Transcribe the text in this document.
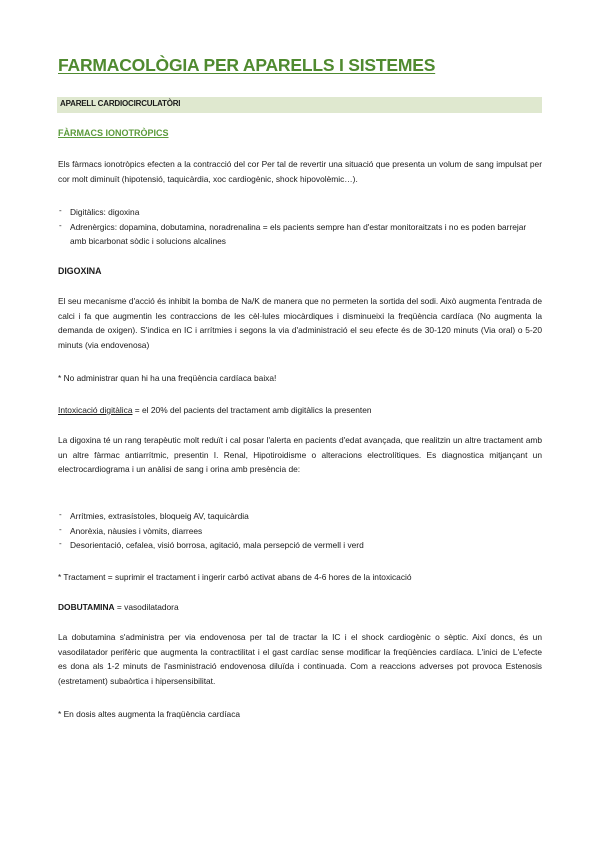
FARMACOLÒGIA PER APARELLS I SISTEMES
APARELL CARDIOCIRCULATÒRI
FÀRMACS IONOTRÒPICS

Els fàrmacs ionotròpics efecten a la contracció del cor Per tal de revertir una situació que presenta un volum de sang impulsat per cor molt diminuït (hipotensió, taquicàrdia, xoc cardiogènic, shock hipovolèmic…).

- Digitàlics: digoxina
- Adrenèrgics: dopamina, dobutamina, noradrenalina = els pacients sempre han d'estar monitoraitzats i no es poden barrejar amb bicarbonat sòdic i solucions alcalines
DIGOXINA

El seu mecanisme d'acció és inhibit la bomba de Na/K de manera que no permeten la sortida del sodi. Això augmenta l'entrada de calci i fa que augmentin les contraccions de les cèl·lules miocàrdiques i disminueixi la freqüència cardíaca (No augmenta la demanda de oxigen). S'indica en IC i arrítmies i segons la via d'administració el seu efecte és de 30-120 minuts (Via oral) o 5-20 minuts (via endovenosa)

* No administrar quan hi ha una freqüència cardíaca baixa!

Intoxicació digitàlica = el 20% del pacients del tractament amb digitàlics la presenten

La digoxina té un rang terapèutic molt reduït i cal posar l'alerta en pacients d'edat avançada, que realitzin un altre tractament amb un altre fàrmac antiarrítmic, presentin I. Renal, Hipotiroidisme o alteracions electrolítiques. Es diagnostica mitjançant un electrocardiograma i un anàlisi de sang i orina amb presència de:

- Arrítmies, extrasístoles, bloqueig AV, taquicàrdia
- Anorèxia, nàusies i vòmits, diarrees
- Desorientació, cefalea, visió borrosa, agitació, mala persepció de vermell i verd

* Tractament = suprimir el tractament i ingerir carbó activat abans de 4-6 hores de la intoxicació

DOBUTAMINA = vasodilatadora

La dobutamina s'administra per via endovenosa per tal de tractar la IC i el shock cardiogènic o sèptic. Així doncs, és un vasodilatador perifèric que augmenta la contractilitat i el gast cardíac sense modificar la freqüències cardíaca. L'inici de L'efecte es dona als 1-2 minuts de l'asministració endovenosa diluïda i continuada. Com a reaccions adverses pot provoca Estenosis (estretament) subaòrtica i hipersensibilitat.

* En dosis altes augmenta la fraqüència cardíaca
